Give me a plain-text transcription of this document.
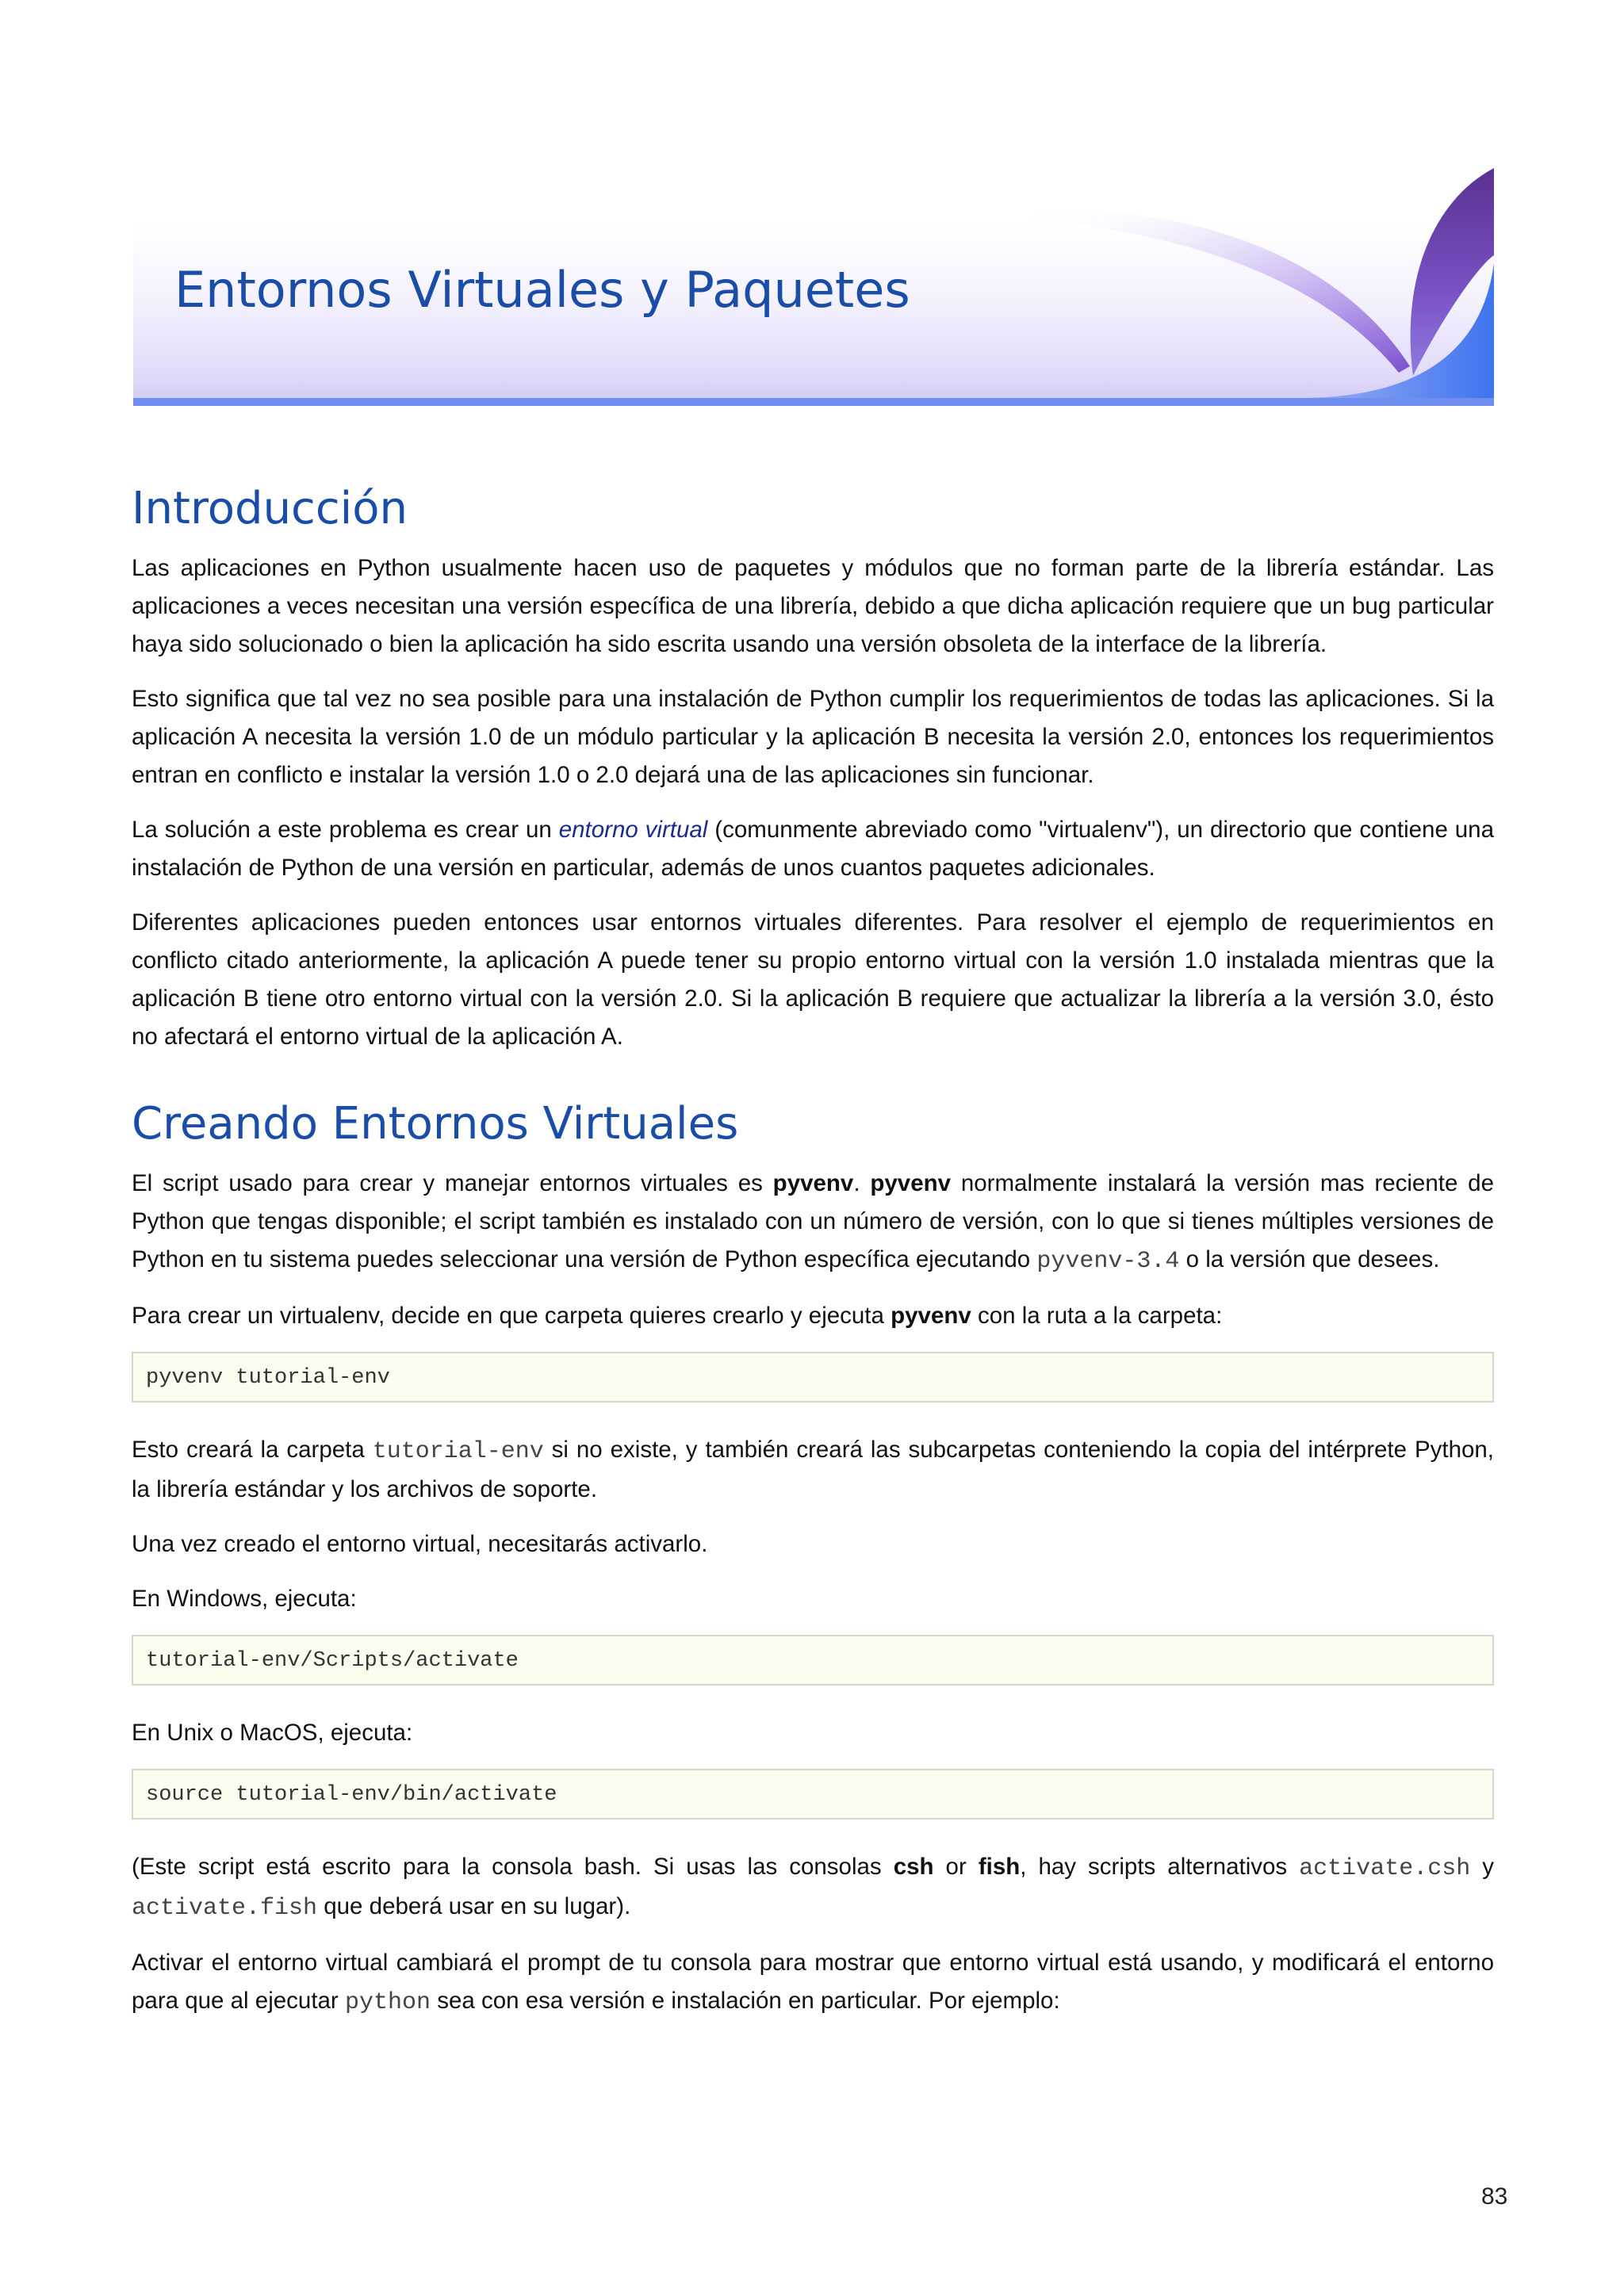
Entornos Virtuales y Paquetes
Introducción

Las aplicaciones en Python usualmente hacen uso de paquetes y módulos que no forman parte de la librería estándar. Las aplicaciones a veces necesitan una versión específica de una librería, debido a que dicha aplicación requiere que un bug particular haya sido solucionado o bien la aplicación ha sido escrita usando una versión obsoleta de la interface de la librería.

Esto significa que tal vez no sea posible para una instalación de Python cumplir los requerimientos de todas las aplicaciones. Si la aplicación A necesita la versión 1.0 de un módulo particular y la aplicación B necesita la versión 2.0, entonces los requerimientos entran en conflicto e instalar la versión 1.0 o 2.0 dejará una de las aplicaciones sin funcionar.

La solución a este problema es crear un entorno virtual (comunmente abreviado como "virtualenv"), un directorio que contiene una instalación de Python de una versión en particular, además de unos cuantos paquetes adicionales.

Diferentes aplicaciones pueden entonces usar entornos virtuales diferentes. Para resolver el ejemplo de requerimientos en conflicto citado anteriormente, la aplicación A puede tener su propio entorno virtual con la versión 1.0 instalada mientras que la aplicación B tiene otro entorno virtual con la versión 2.0. Si la aplicación B requiere que actualizar la librería a la versión 3.0, ésto no afectará el entorno virtual de la aplicación A.

Creando Entornos Virtuales

El script usado para crear y manejar entornos virtuales es pyvenv. pyvenv normalmente instalará la versión mas reciente de Python que tengas disponible; el script también es instalado con un número de versión, con lo que si tienes múltiples versiones de Python en tu sistema puedes seleccionar una versión de Python específica ejecutando pyvenv-3.4 o la versión que desees.

Para crear un virtualenv, decide en que carpeta quieres crearlo y ejecuta pyvenv con la ruta a la carpeta:

pyvenv tutorial-env

Esto creará la carpeta tutorial-env si no existe, y también creará las subcarpetas conteniendo la copia del intérprete Python, la librería estándar y los archivos de soporte.

Una vez creado el entorno virtual, necesitarás activarlo.

En Windows, ejecuta:

tutorial-env/Scripts/activate

En Unix o MacOS, ejecuta:

source tutorial-env/bin/activate

(Este script está escrito para la consola bash. Si usas las consolas csh or fish, hay scripts alternativos activate.csh y activate.fish que deberá usar en su lugar).

Activar el entorno virtual cambiará el prompt de tu consola para mostrar que entorno virtual está usando, y modificará el entorno para que al ejecutar python sea con esa versión e instalación en particular. Por ejemplo:

83
